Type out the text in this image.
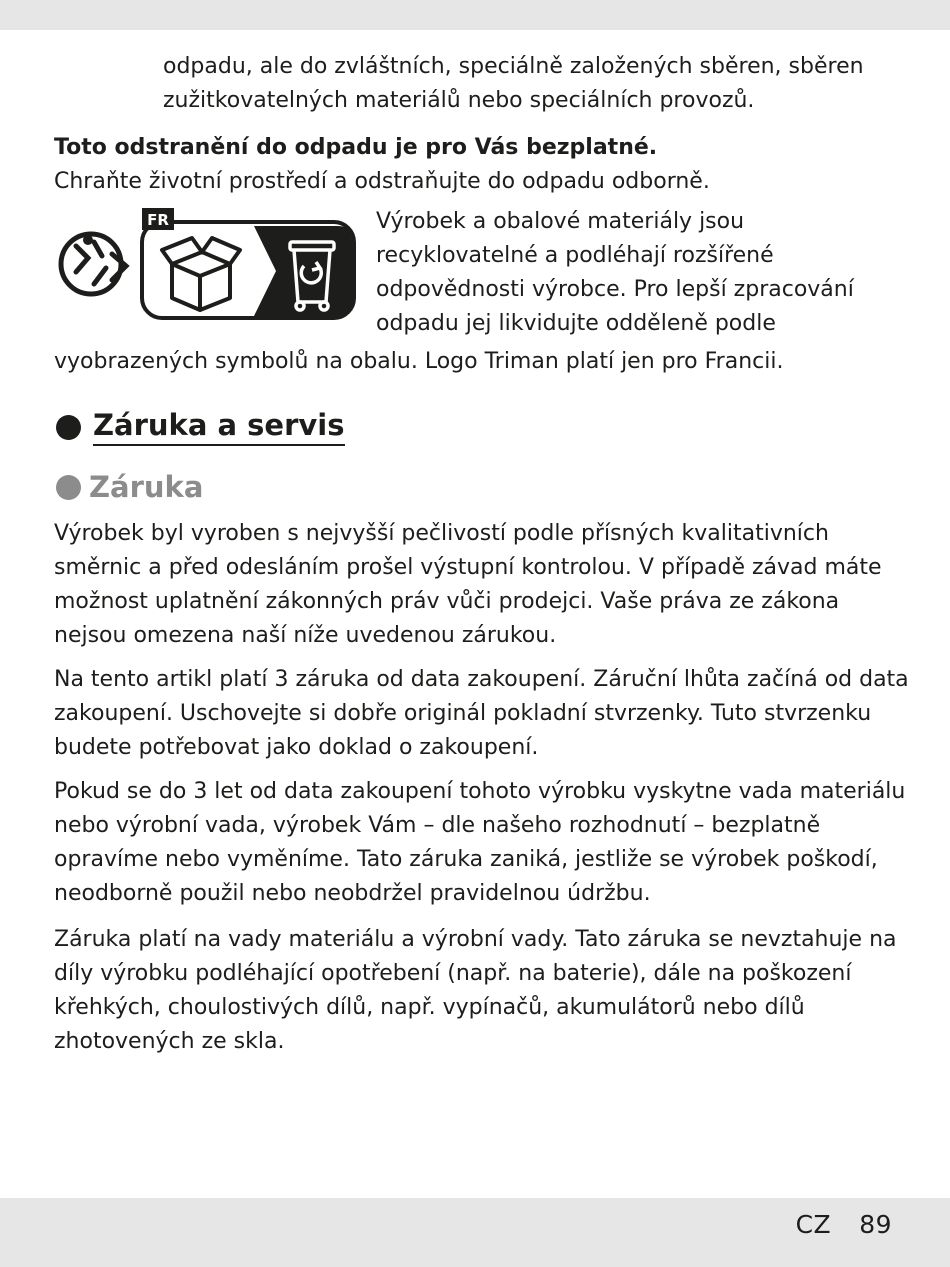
odpadu, ale do zvláštních, speciálně založených sběren, sběren zužitkovatelných materiálů nebo speciálních provozů.

Toto odstranění do odpadu je pro Vás bezplatné.

Chraňte životní prostředí a odstraňujte do odpadu odborně.

FR	Výrobek a obalové materiály jsou recyklovatelné a podléhají rozšířené odpovědnosti výrobce. Pro lepší zpracování odpadu jej likvidujte odděleně podle

vyobrazených symbolů na obalu. Logo Triman platí jen pro Francii.

Záruka a servis
Záruka

Výrobek byl vyroben s nejvyšší pečlivostí podle přísných kvalitativních směrnic a před odesláním prošel výstupní kontrolou. V případě závad máte možnost uplatnění zákonných práv vůči prodejci. Vaše práva ze zákona nejsou omezena naší níže uvedenou zárukou.

Na tento artikl platí 3 záruka od data zakoupení. Záruční lhůta začíná od data zakoupení. Uschovejte si dobře originál pokladní stvrzenky. Tuto stvrzenku budete potřebovat jako doklad o zakoupení.

Pokud se do 3 let od data zakoupení tohoto výrobku vyskytne vada materiálu nebo výrobní vada, výrobek Vám – dle našeho rozhodnutí – bezplatně opravíme nebo vyměníme. Tato záruka zaniká, jestliže se výrobek poškodí, neodborně použil nebo neobdržel pravidelnou údržbu.

Záruka platí na vady materiálu a výrobní vady. Tato záruka se nevztahuje na díly výrobku podléhající opotřebení (např. na baterie), dále na poškození křehkých, choulostivých dílů, např. vypínačů, akumulátorů nebo dílů zhotovených ze skla.

CZ 89
